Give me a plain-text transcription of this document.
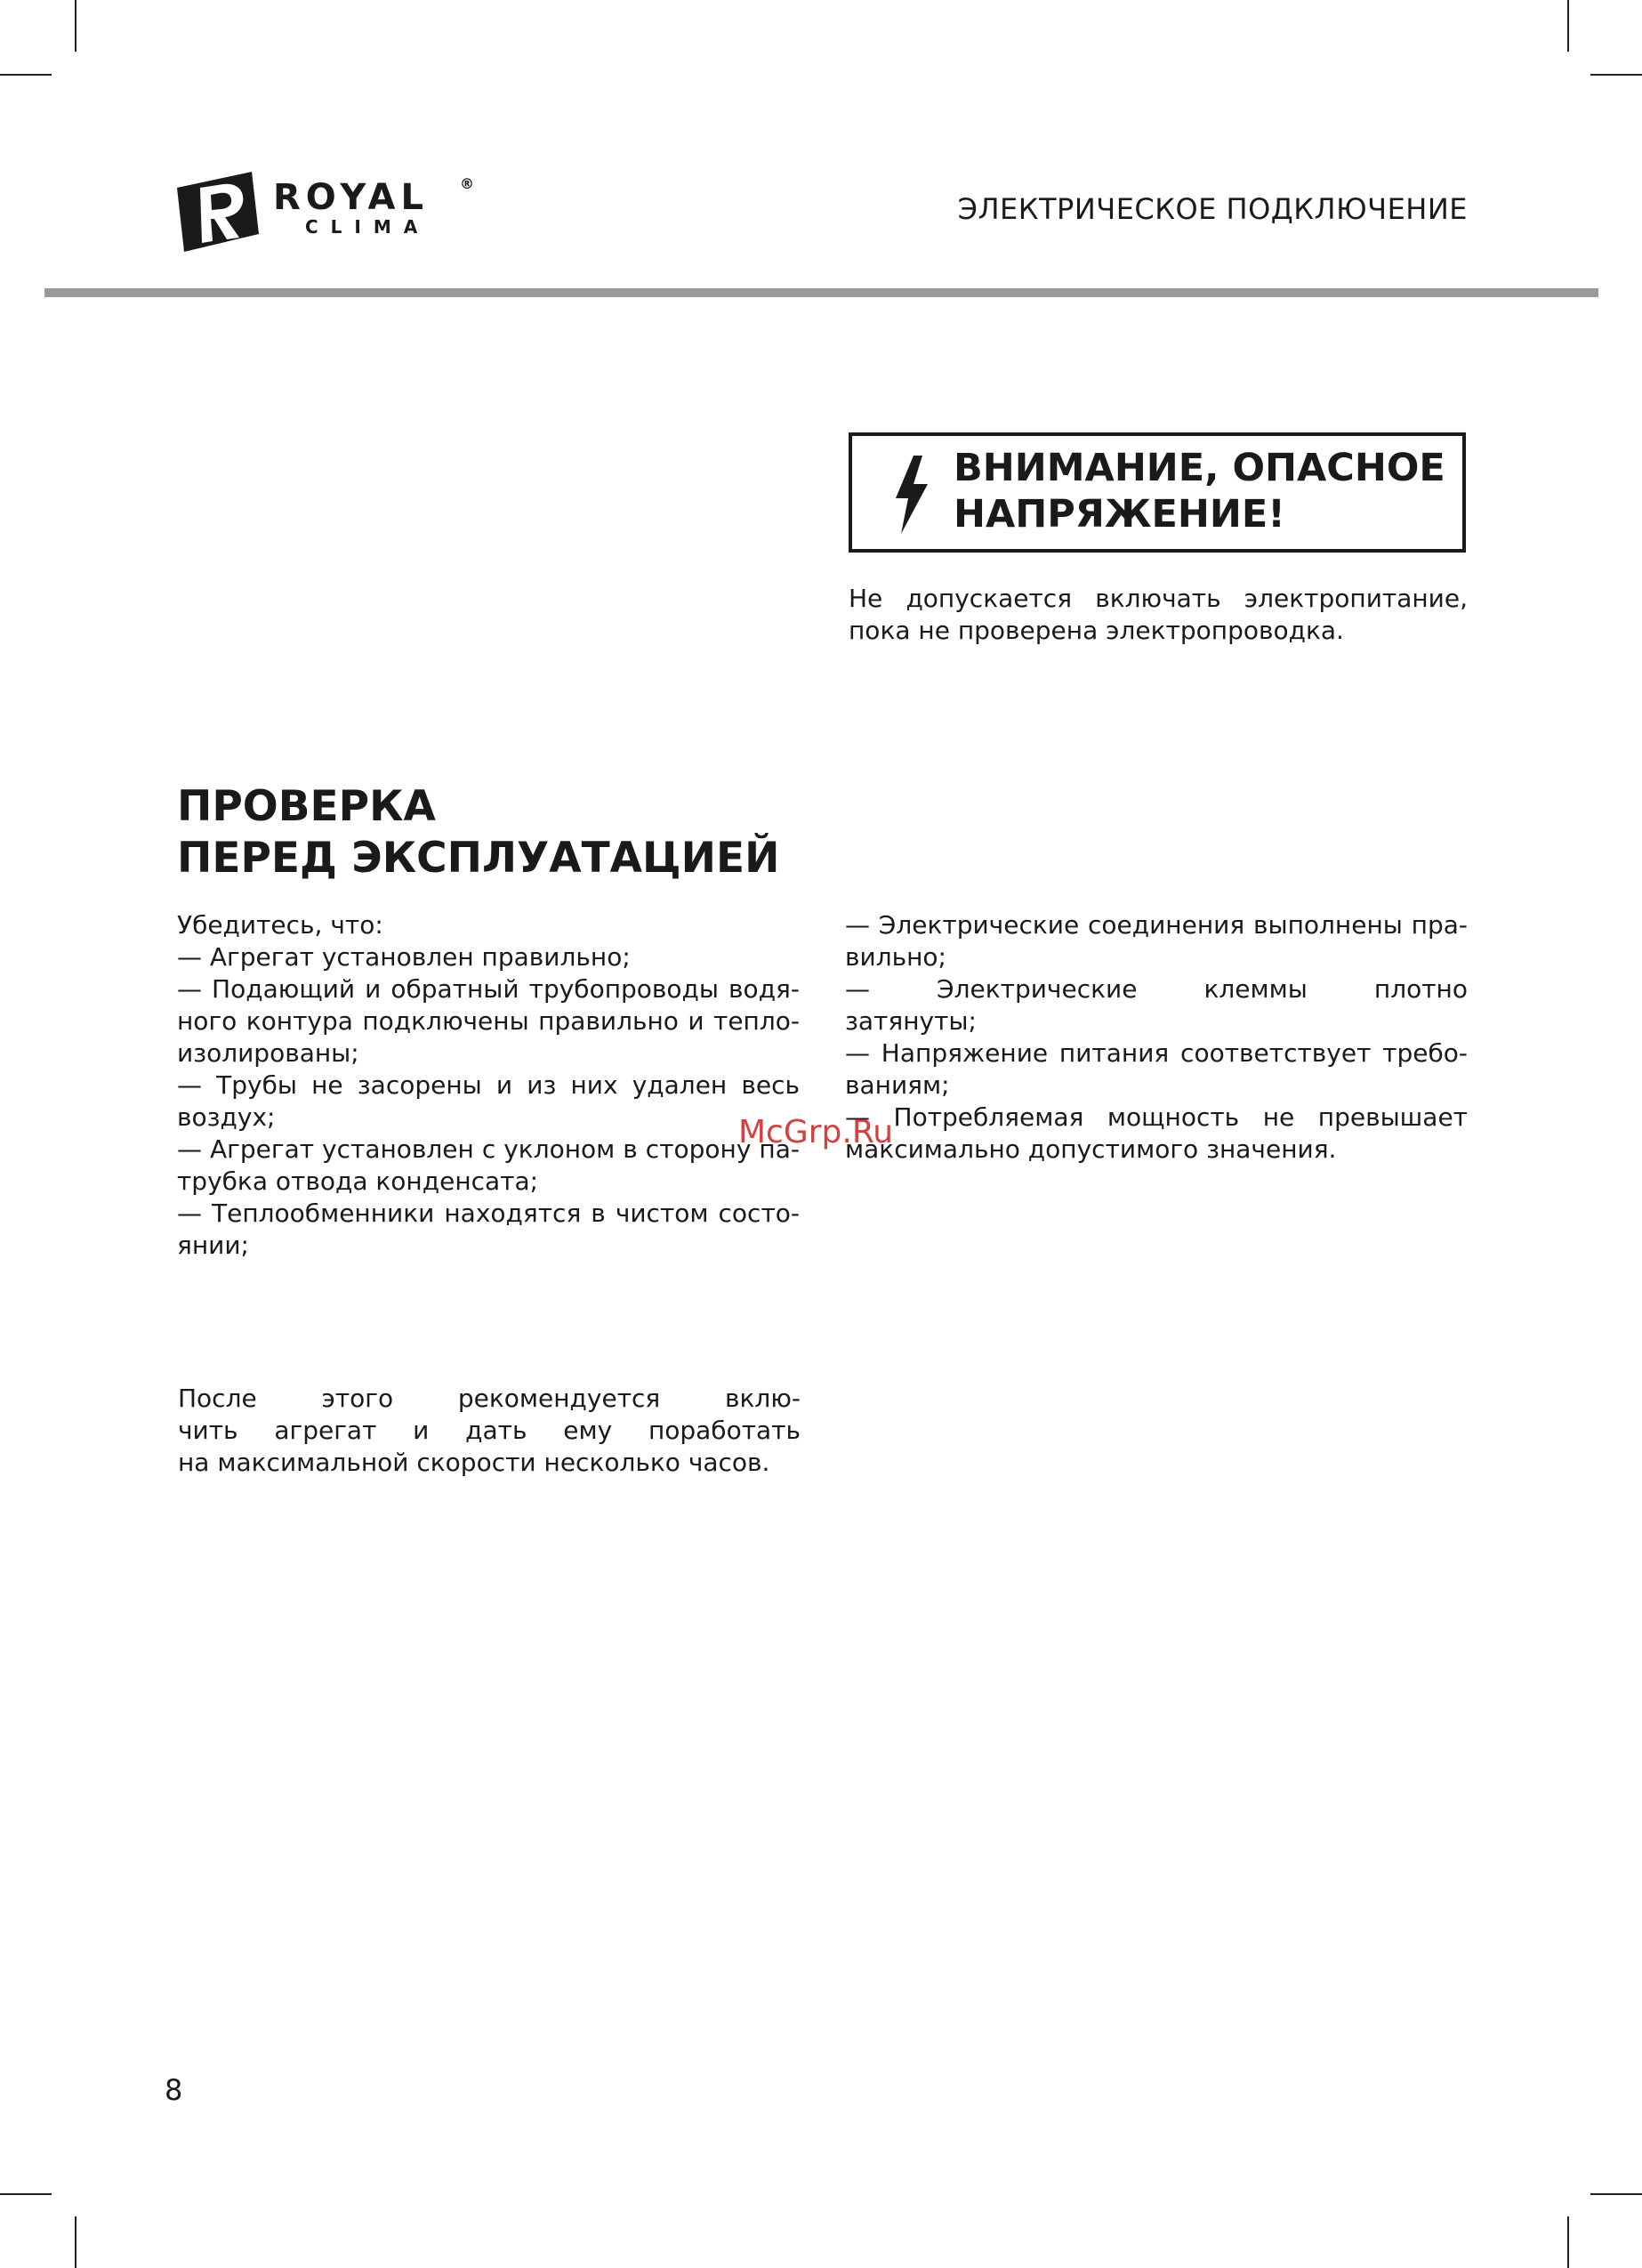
ROYAL ®
CLIMA
ЭЛЕКТРИЧЕСКОЕ ПОДКЛЮЧЕНИЕ
ВНИМАНИЕ, ОПАСНОЕ
НАПРЯЖЕНИЕ!
Не допускается включать электропитание,
пока не проверена электропроводка.
ПРОВЕРКА
ПЕРЕД ЭКСПЛУАТАЦИЕЙ
Убедитесь, что:
— Агрегат установлен правильно;
— Подающий и обратный трубопроводы водя-
ного контура подключены правильно и тепло-
изолированы;
— Трубы не засорены и из них удален весь
воздух;
— Агрегат установлен с уклоном в сторону па-
трубка отвода конденсата;
— Теплообменники находятся в чистом состо-
янии;
— Электрические соединения выполнены пра-
вильно;
— Электрические клеммы плотно
затянуты;
— Напряжение питания соответствует требо-
ваниям;
— Потребляемая мощность не превышает
максимально допустимого значения.
После этого рекомендуется вклю-
чить агрегат и дать ему поработать
на максимальной скорости несколько часов.
McGrp.Ru
8
